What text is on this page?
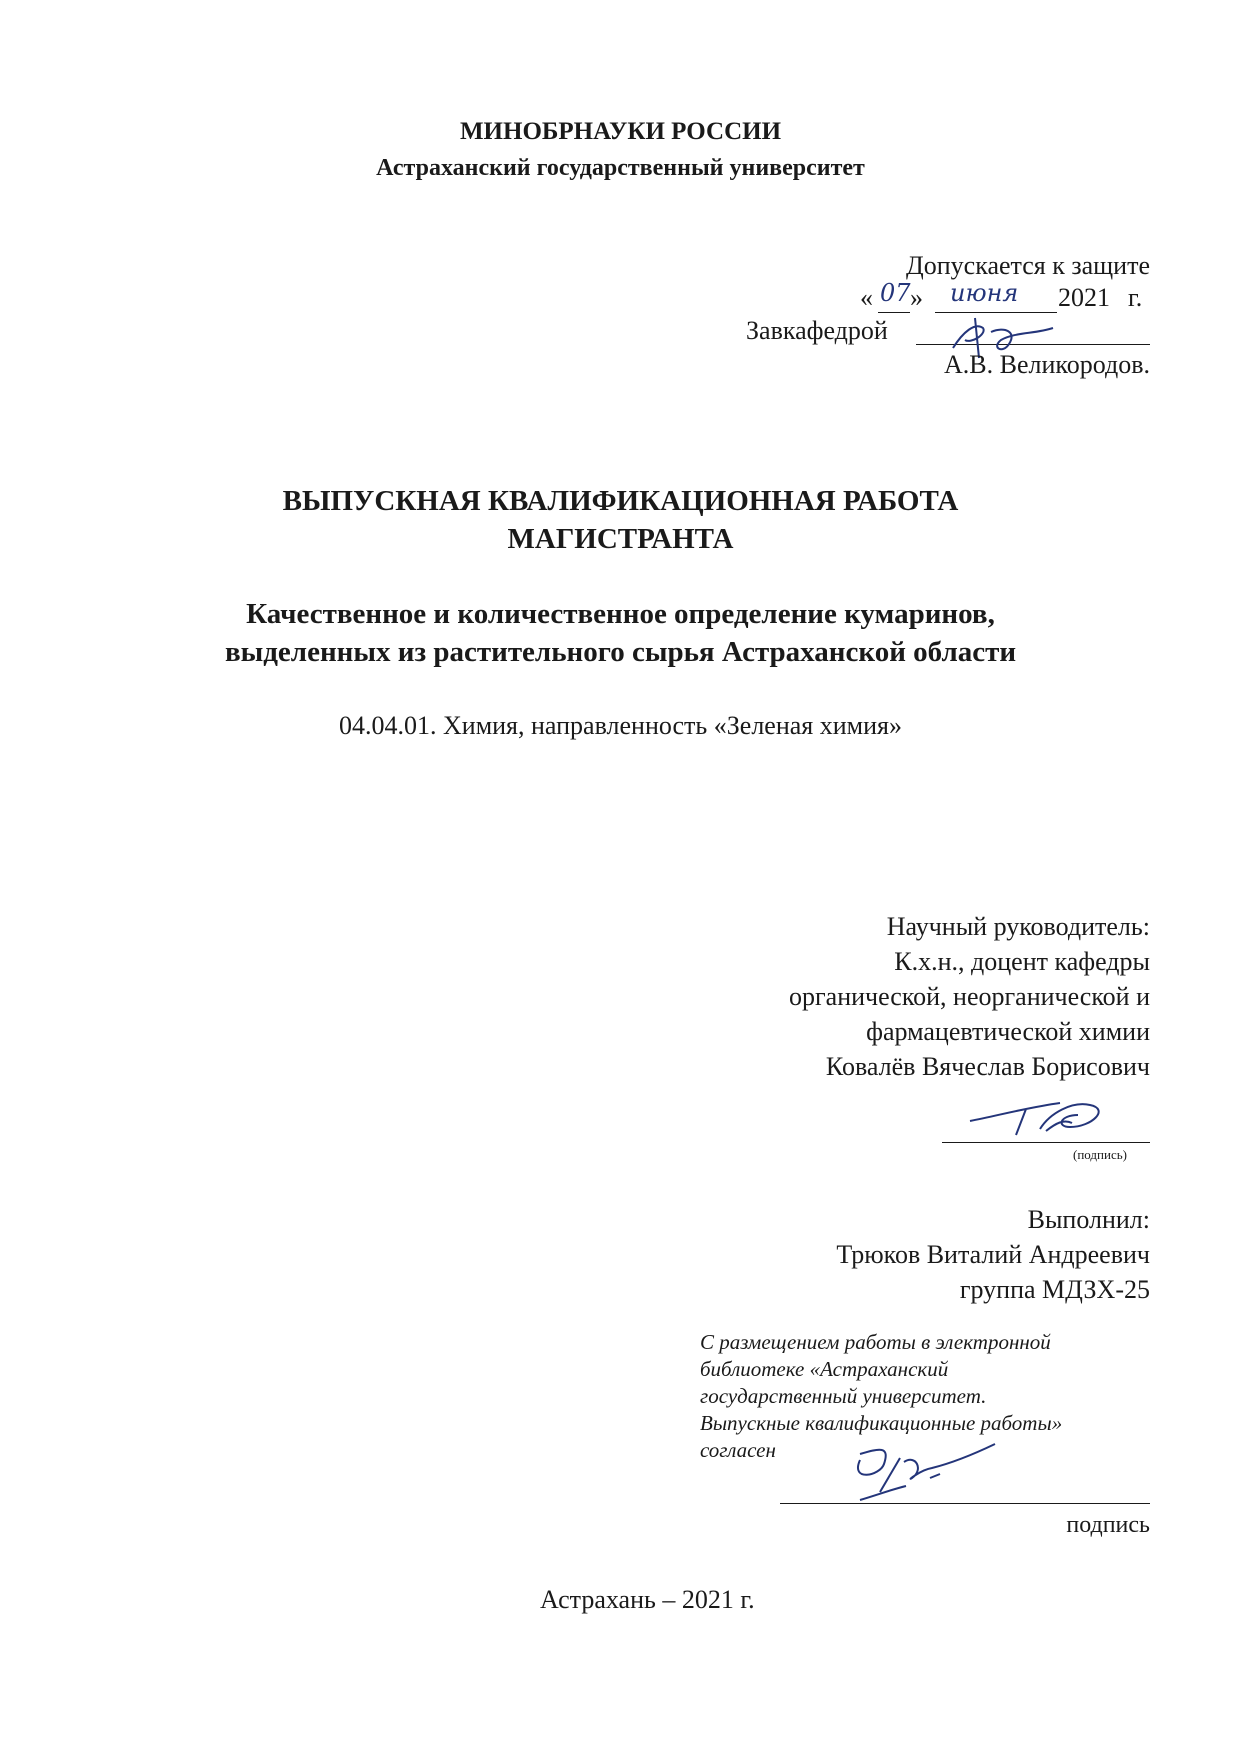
МИНОБРНАУКИ РОССИИ
Астраханский государственный университет
Допускается к защите
« 07 » июня 2021 г.
Завкафедрой
А.В. Великородов.
ВЫПУСКНАЯ КВАЛИФИКАЦИОННАЯ РАБОТА
МАГИСТРАНТА
Качественное и количественное определение кумаринов,
выделенных из растительного сырья Астраханской области
04.04.01. Химия, направленность «Зеленая химия»
Научный руководитель:
К.х.н., доцент кафедры
органической, неорганической и
фармацевтической химии
Ковалёв Вячеслав Борисович
(подпись)
Выполнил:
Трюков Виталий Андреевич
группа МДЗХ-25
С размещением работы в электронной
библиотеке «Астраханский
государственный университет.
Выпускные квалификационные работы»
согласен
подпись
Астрахань – 2021 г.
